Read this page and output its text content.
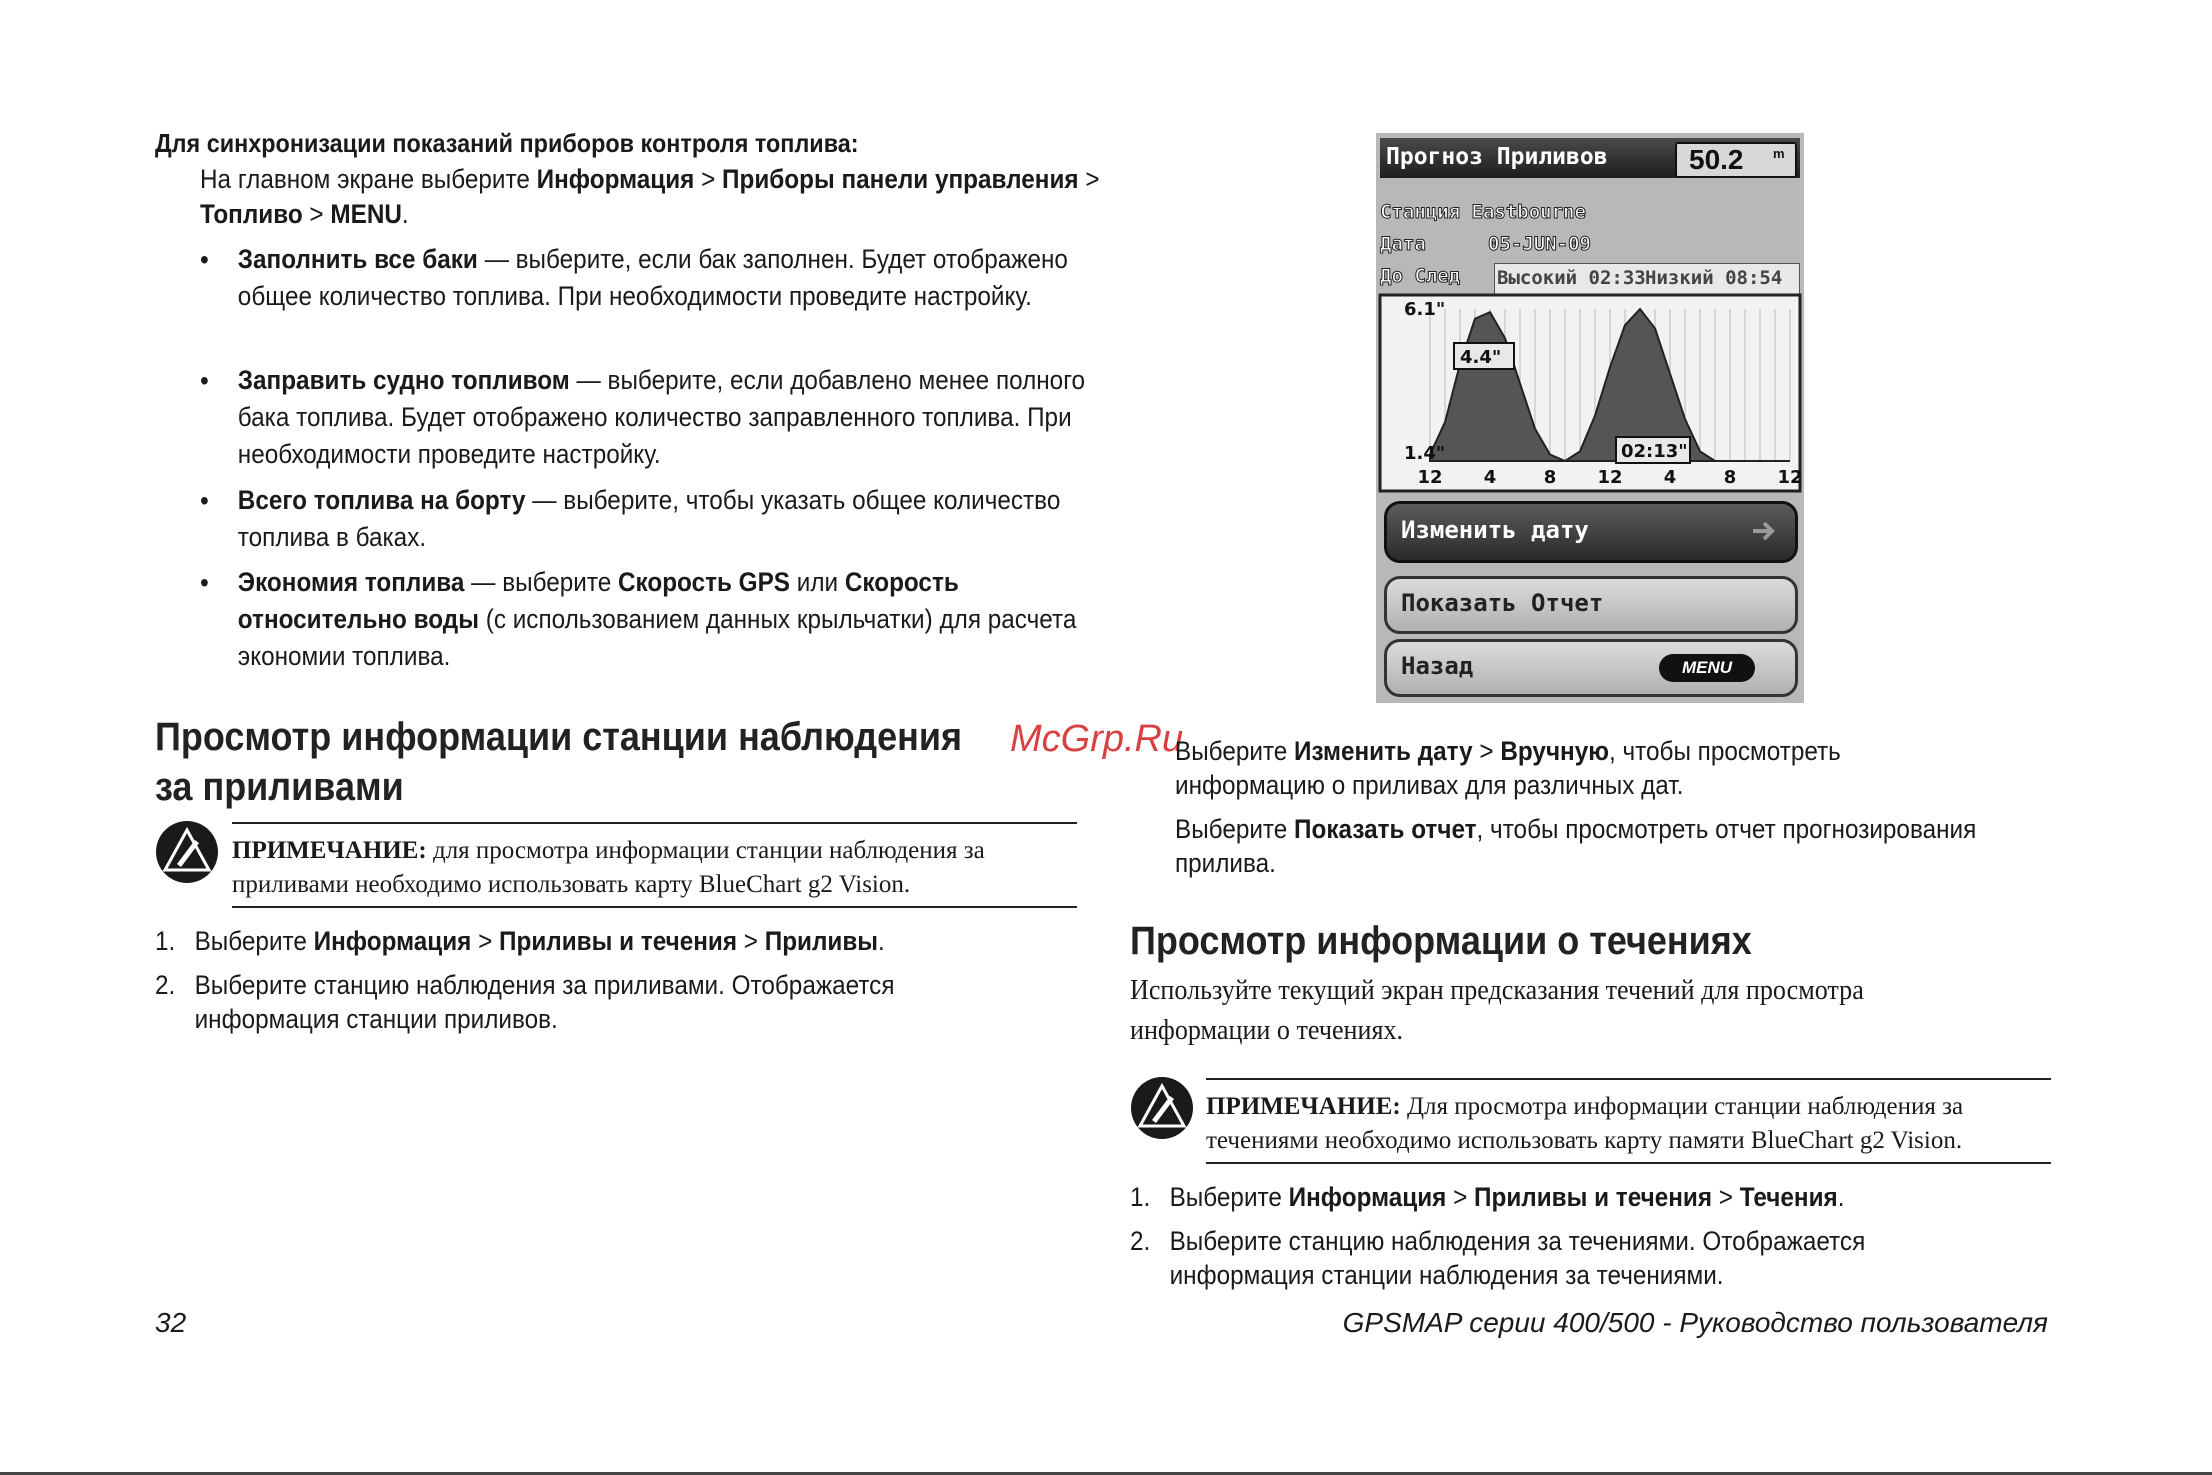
Для синхронизации показаний приборов контроля топлива:
На главном экране выберите Информация > Приборы панели управления > Топливо > MENU.
• Заполнить все баки — выберите, если бак заполнен. Будет отображено общее количество топлива. При необходимости проведите настройку.
• Заправить судно топливом — выберите, если добавлено менее полного бака топлива. Будет отображено количество заправленного топлива. При необходимости проведите настройку.
• Всего топлива на борту — выберите, чтобы указать общее количество топлива в баках.
• Экономия топлива — выберите Скорость GPS или Скорость относительно воды (с использованием данных крыльчатки) для расчета экономии топлива.
Просмотр информации станции наблюдения
за приливами
ПРИМЕЧАНИЕ: для просмотра информации станции наблюдения за приливами необходимо использовать карту BlueChart g2 Vision.
1. Выберите Информация > Приливы и течения > Приливы.
2. Выберите станцию наблюдения за приливами. Отображается информация станции приливов.
Прогноз Приливов	50.2 m
Станция Eastbourne
Дата	05-JUN-09
До След Высокий 02:33 Низкий 08:54
12 4	8 12 4	8 12
6.1"
1.4"
4.4"
02:13"
Изменить дату
Показать Отчет
Назад	MENU
McGrp.Ru
Выберите Изменить дату > Вручную, чтобы просмотреть информацию о приливах для различных дат.
Выберите Показать отчет, чтобы просмотреть отчет прогнозирования прилива.
Просмотр информации о течениях
Используйте текущий экран предсказания течений для просмотра информации о течениях.
ПРИМЕЧАНИЕ: Для просмотра информации станции наблюдения за течениями необходимо использовать карту памяти BlueChart g2 Vision.
1. Выберите Информация > Приливы и течения > Течения.
2. Выберите станцию наблюдения за течениями. Отображается информация станции наблюдения за течениями.
32	GPSMAP серии 400/500 - Руководство пользователя
